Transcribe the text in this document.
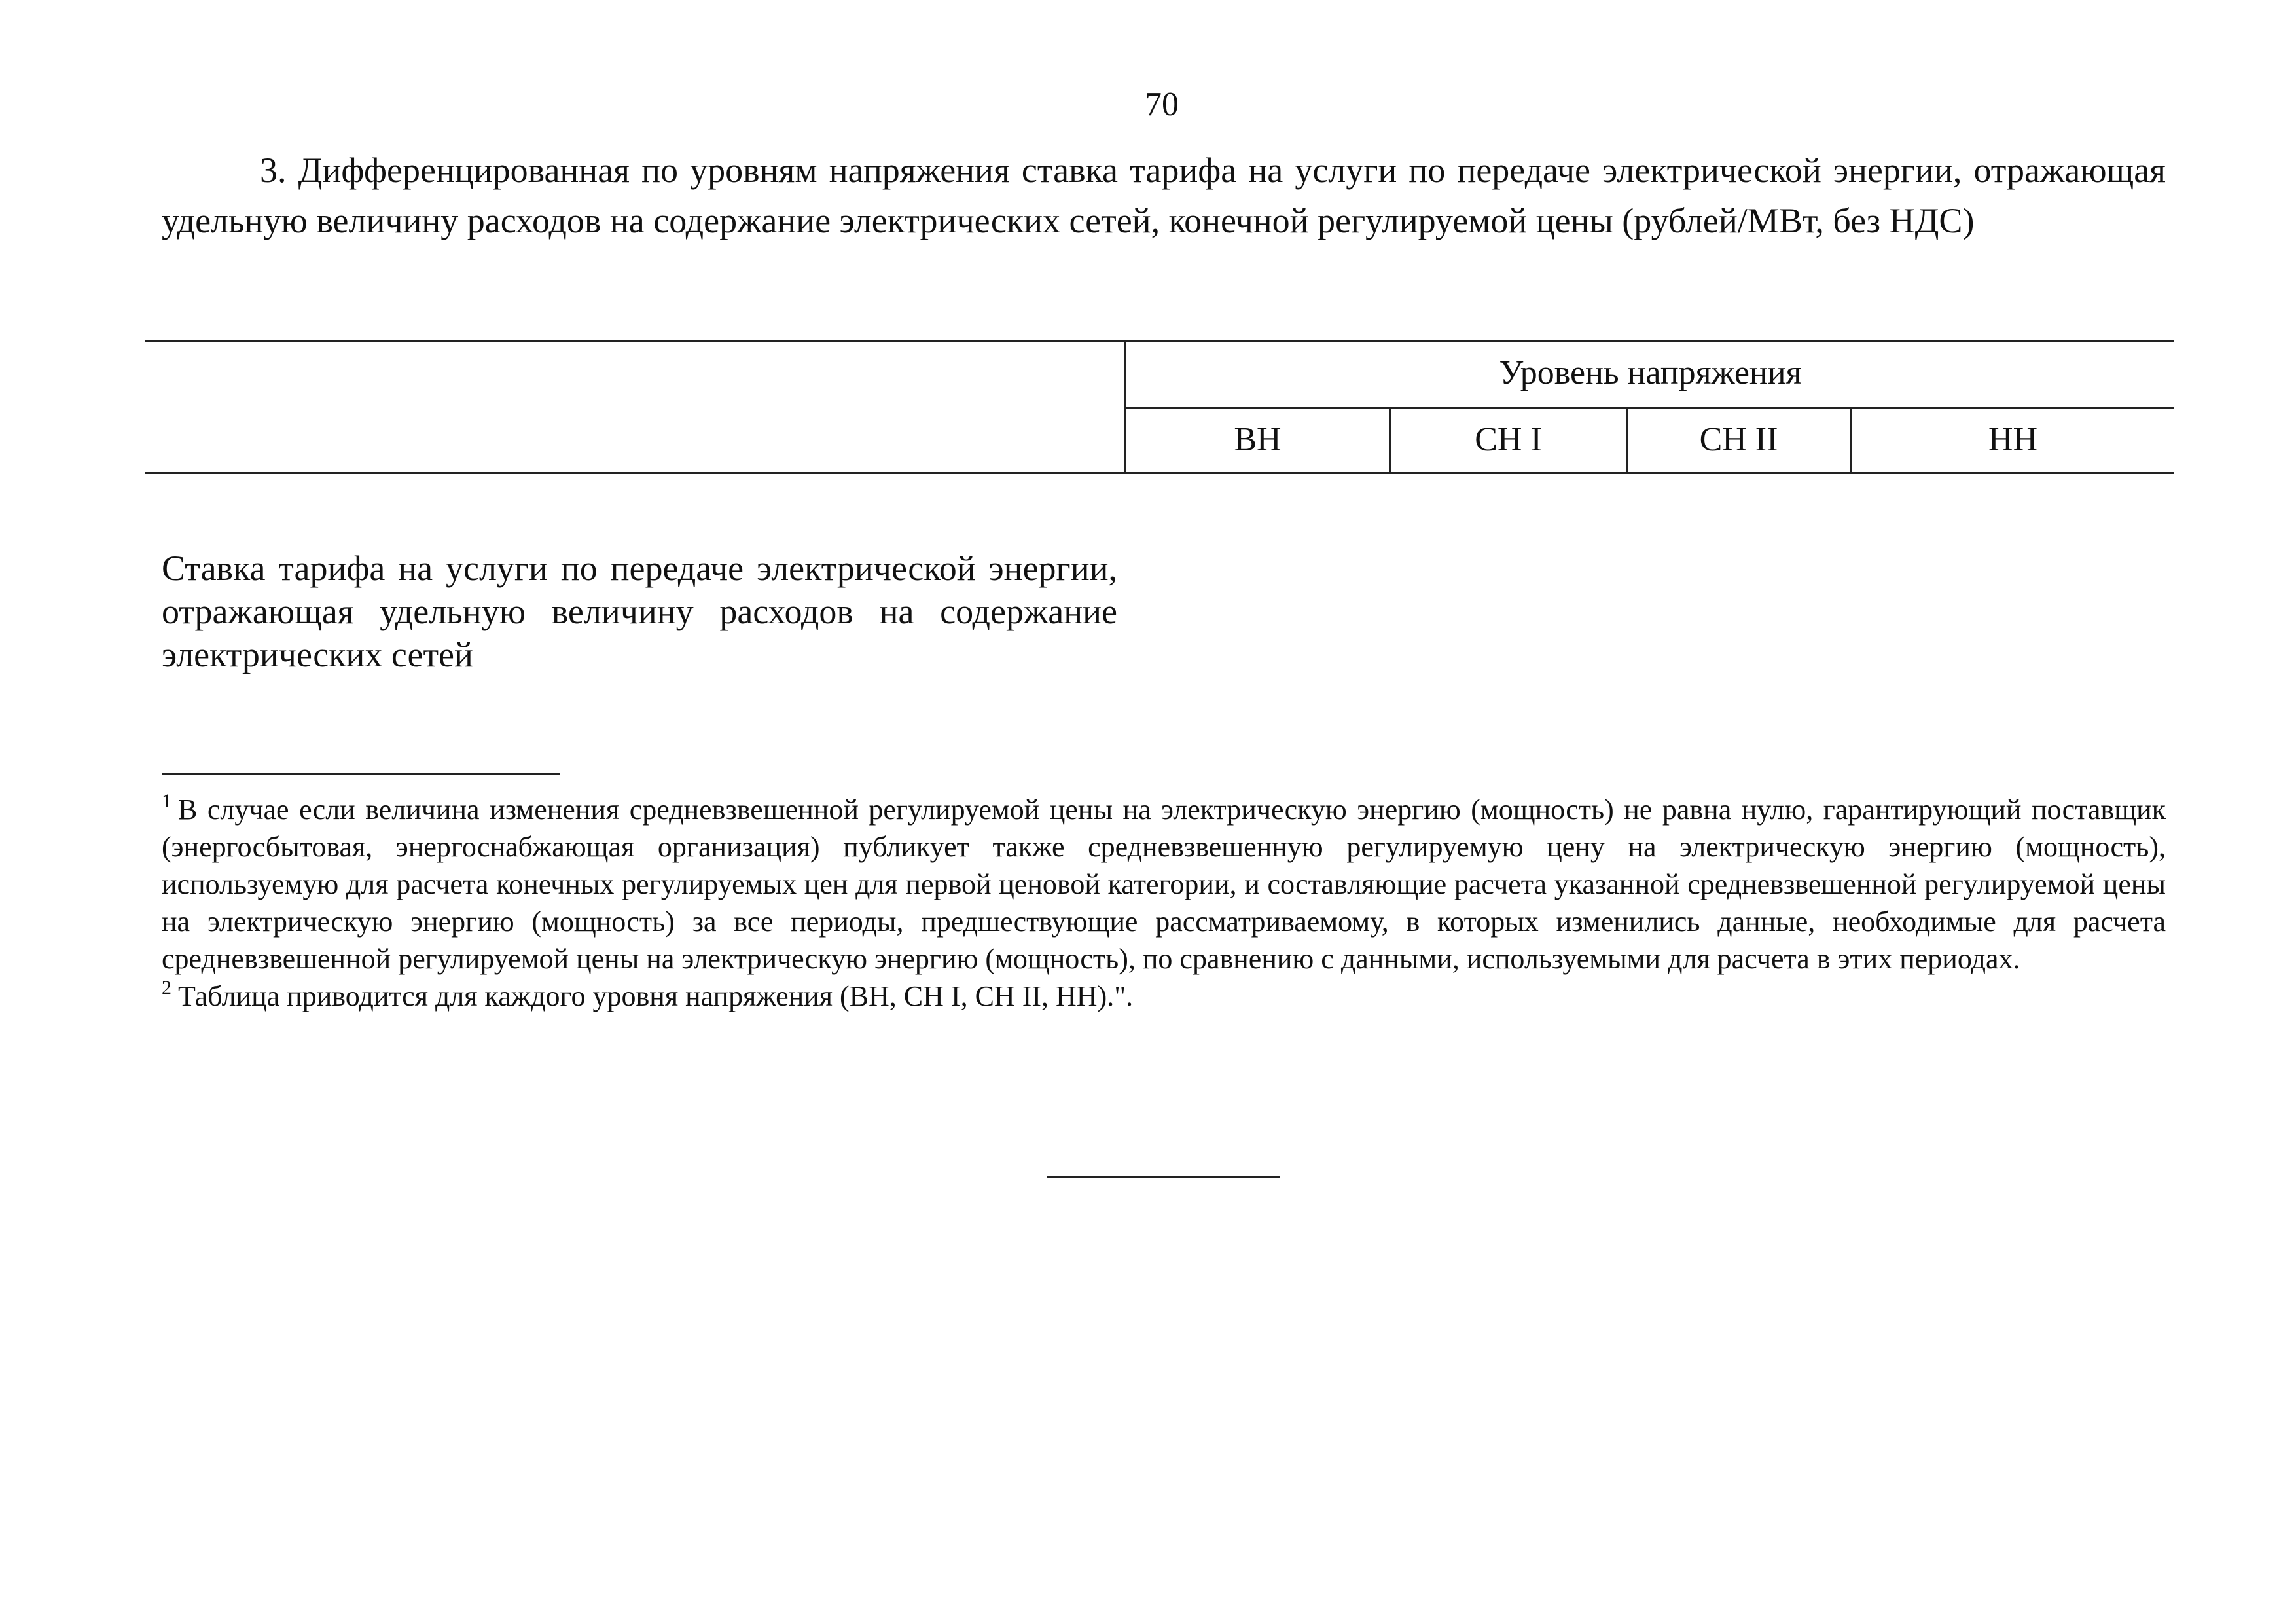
70
3. Дифференцированная по уровням напряжения ставка тарифа на услуги по передаче электрической энергии, отражающая удельную величину расходов на содержание электрических сетей, конечной регулируемой цены (рублей/МВт, без НДС)
Уровень напряжения
ВН	СН I	СН II	НН
Ставка тарифа на услуги по передаче электрической энергии, отражающая удельную величину расходов на содержание электрических сетей
$^1$ В случае если величина изменения средневзвешенной регулируемой цены на электрическую энергию (мощность) не равна нулю, гарантирующий поставщик (энергосбытовая, энергоснабжающая организация) публикует также средневзвешенную регулируемую цену на электрическую энергию (мощность), используемую для расчета конечных регулируемых цен для первой ценовой категории, и составляющие расчета указанной средневзвешенной регулируемой цены на электрическую энергию (мощность) за все периоды, предшествующие рассматриваемому, в которых изменились данные, необходимые для расчета средневзвешенной регулируемой цены на электрическую энергию (мощность), по сравнению с данными, используемыми для расчета в этих периодах.
$^2$ Таблица приводится для каждого уровня напряжения (ВН, СН I, СН II, НН).".
